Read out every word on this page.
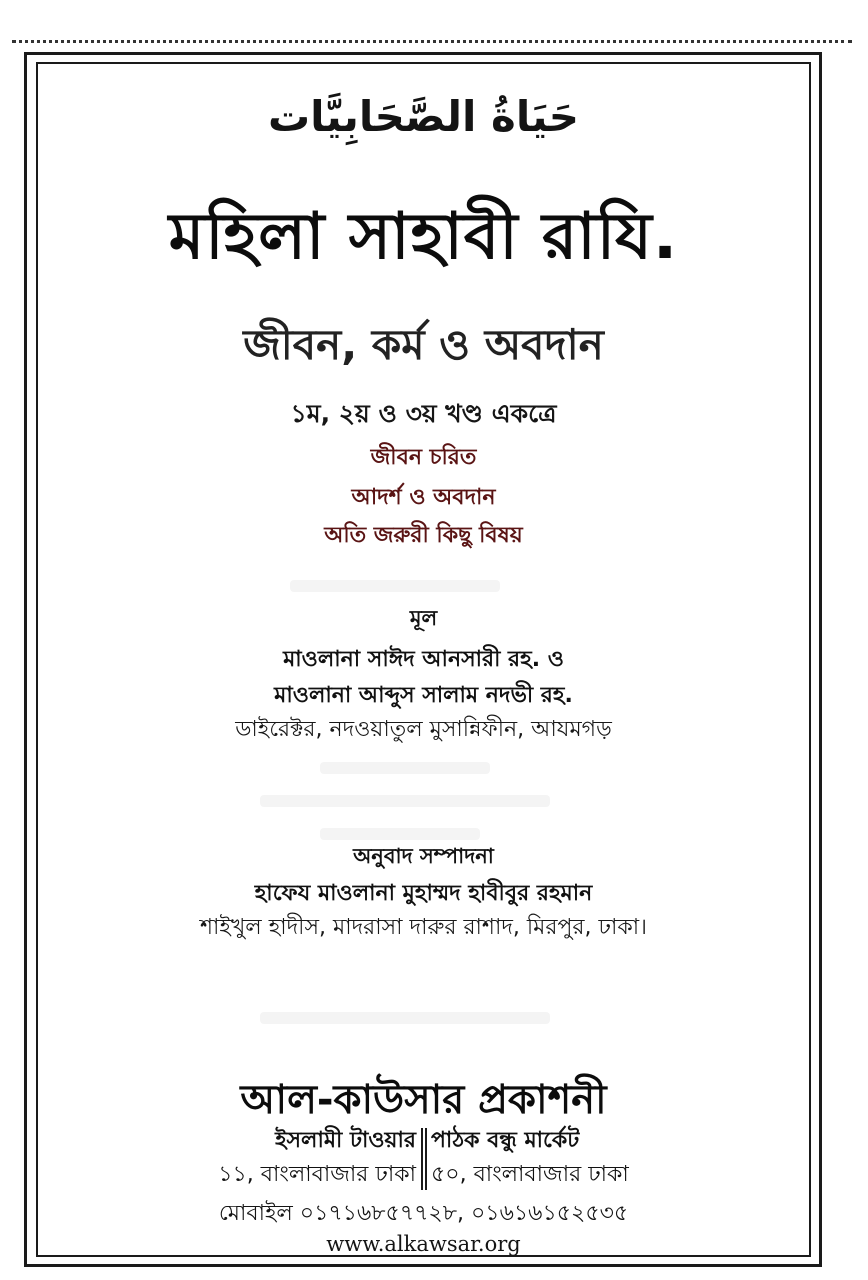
حَيَاةُ الصَّحَابِيَّات
মহিলা সাহাবী রাযি.
জীবন, কর্ম ও অবদান
১ম, ২য় ও ৩য় খণ্ড একত্রে
জীবন চরিত
আদর্শ ও অবদান
অতি জরুরী কিছু বিষয়
মূল
মাওলানা সাঈদ আনসারী রহ. ও
মাওলানা আব্দুস সালাম নদভী রহ.
ডাইরেক্টর, নদওয়াতুল মুসান্নিফীন, আযমগড়
অনুবাদ সম্পাদনা
হাফেয মাওলানা মুহাম্মদ হাবীবুর রহমান
শাইখুল হাদীস, মাদরাসা দারুর রাশাদ, মিরপুর, ঢাকা।
আল-কাউসার প্রকাশনী
ইসলামী টাওয়ার
১১, বাংলাবাজার ঢাকা
পাঠক বন্ধু মার্কেট
৫০, বাংলাবাজার ঢাকা
মোবাইল ০১৭১৬৮৫৭৭২৮, ০১৬১৬১৫২৫৩৫
www.alkawsar.org
